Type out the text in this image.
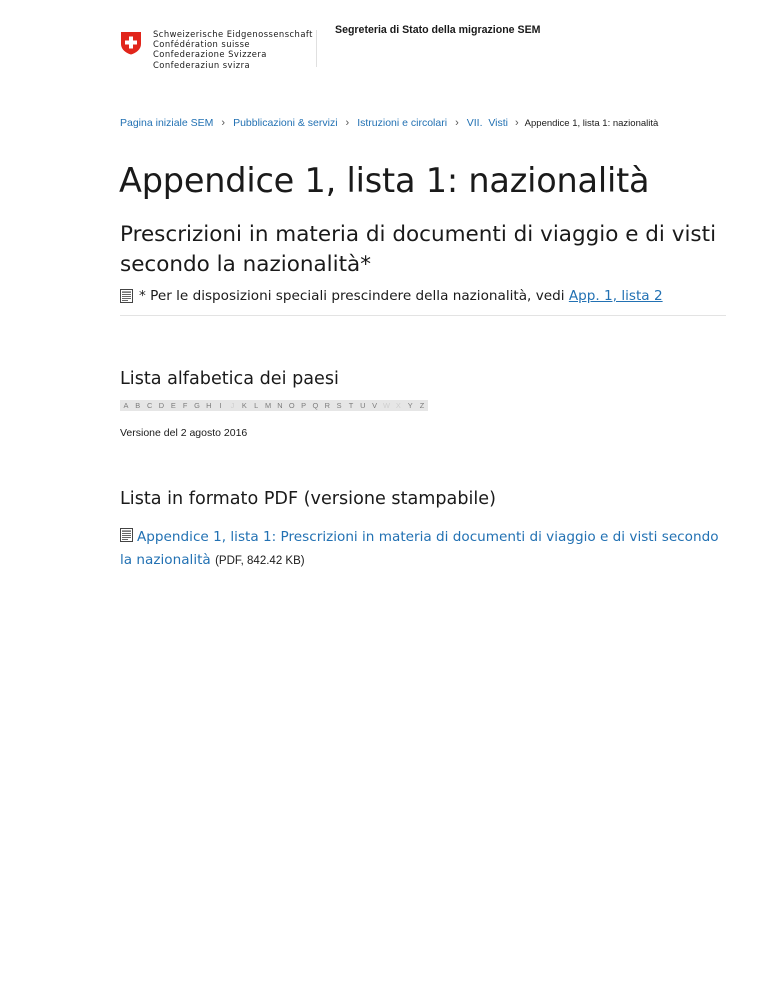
Schweizerische Eidgenossenschaft
Confédération suisse
Confederazione Svizzera
Confederaziun svizra
Segreteria di Stato della migrazione SEM
Pagina iniziale SEM › Pubblicazioni & servizi › Istruzioni e circolari › VII.  Visti › Appendice 1, lista 1: nazionalità
Appendice 1, lista 1: nazionalità
Prescrizioni in materia di documenti di viaggio e di visti secondo la nazionalità*
* Per le disposizioni speciali prescindere della nazionalità, vedi App. 1, lista 2
Lista alfabetica dei paesi
A B C D E F G H	I	J	K L M N O P Q R S T U V W X Y Z
Versione del 2 agosto 2016
Lista in formato PDF (versione stampabile)
Appendice 1, lista 1: Prescrizioni in materia di documenti di viaggio e di visti secondo la nazionalità (PDF, 842.42 KB)
